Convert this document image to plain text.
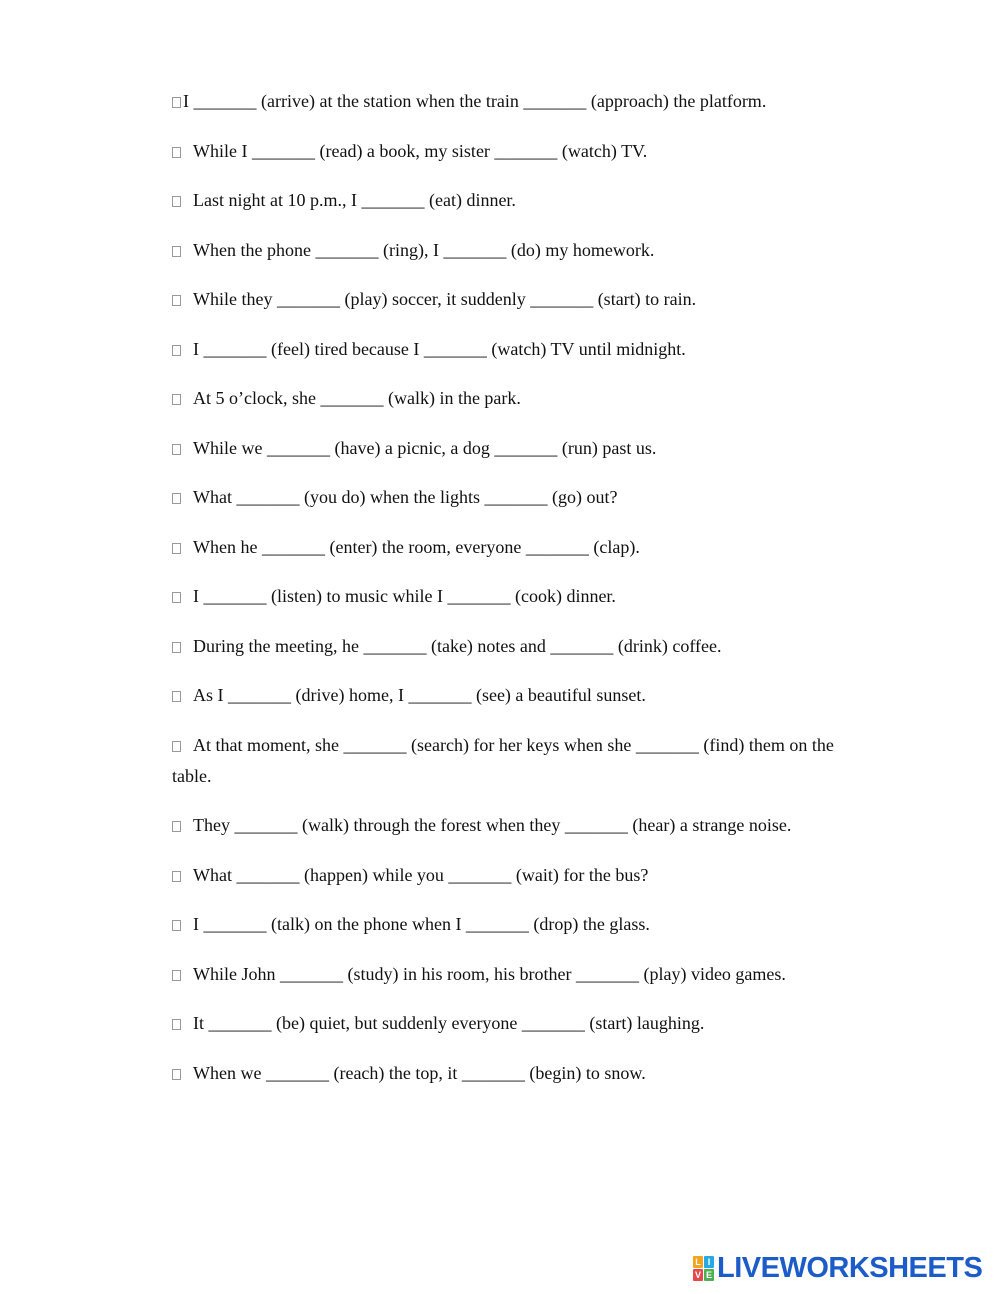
I _______ (arrive) at the station when the train _______ (approach) the platform.

While I _______ (read) a book, my sister _______ (watch) TV.

Last night at 10 p.m., I _______ (eat) dinner.

When the phone _______ (ring), I _______ (do) my homework.

While they _______ (play) soccer, it suddenly _______ (start) to rain.

I _______ (feel) tired because I _______ (watch) TV until midnight.

At 5 o’clock, she _______ (walk) in the park.

While we _______ (have) a picnic, a dog _______ (run) past us.

What _______ (you do) when the lights _______ (go) out?

When he _______ (enter) the room, everyone _______ (clap).

I _______ (listen) to music while I _______ (cook) dinner.

During the meeting, he _______ (take) notes and _______ (drink) coffee.

As I _______ (drive) home, I _______ (see) a beautiful sunset.

At that moment, she _______ (search) for her keys when she _______ (find) them on the table.

They _______ (walk) through the forest when they _______ (hear) a strange noise.

What _______ (happen) while you _______ (wait) for the bus?

I _______ (talk) on the phone when I _______ (drop) the glass.

While John _______ (study) in his room, his brother _______ (play) video games.

It _______ (be) quiet, but suddenly everyone _______ (start) laughing.

When we _______ (reach) the top, it _______ (begin) to snow.

L I
V E LIVEWORKSHEETS
